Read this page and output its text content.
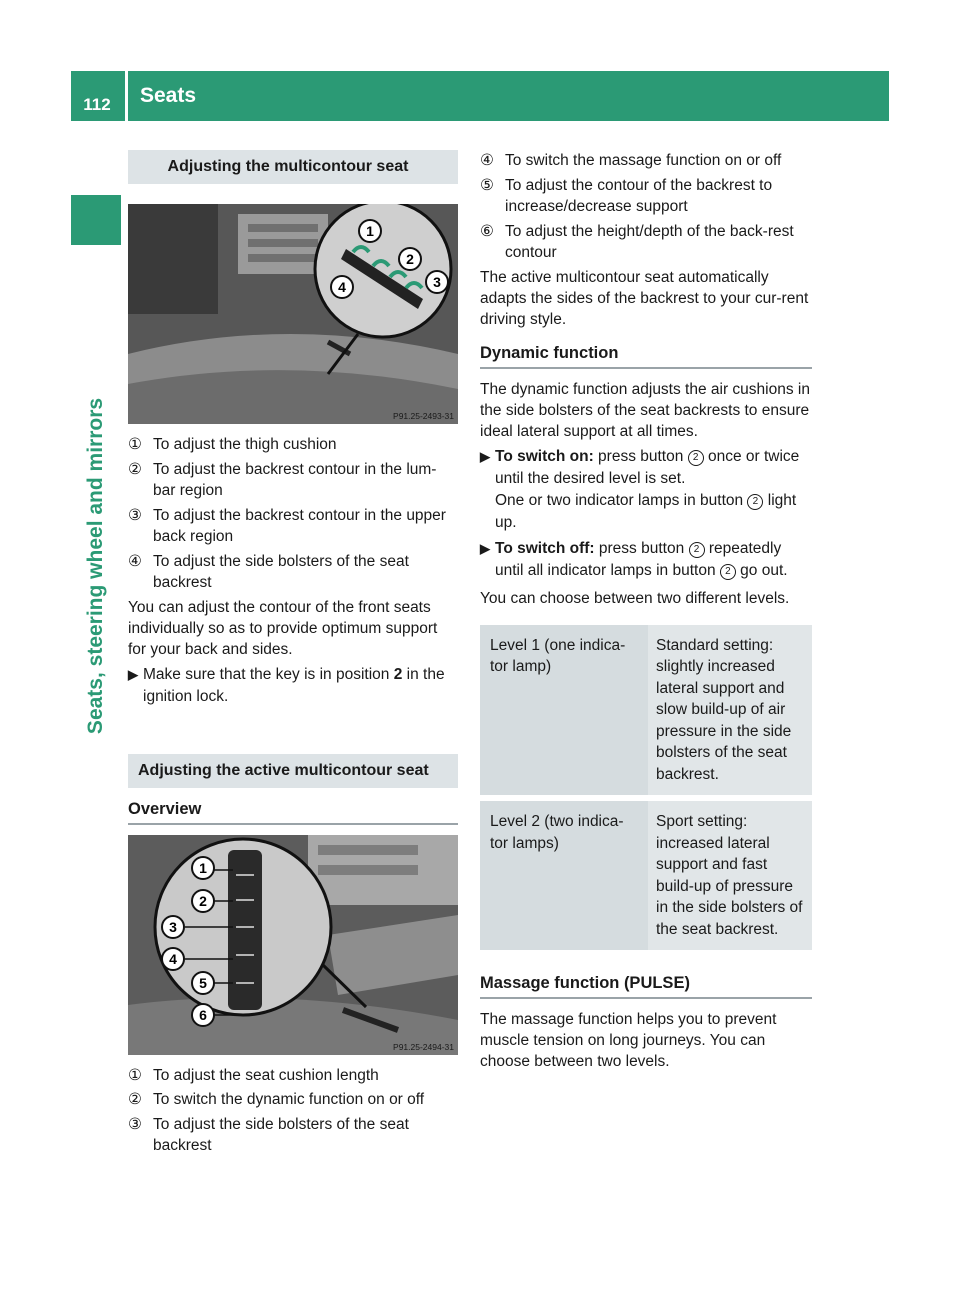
112	Seats
Seats, steering wheel and mirrors
Adjusting the multicontour seat
1
2
3
4
P91.25-2493-31
① To adjust the thigh cushion
② To adjust the backrest contour in the lum-bar region
③ To adjust the backrest contour in the upper back region
④ To adjust the side bolsters of the seat backrest

You can adjust the contour of the front seats individually so as to provide optimum support for your back and sides.

▶ Make sure that the key is in position 2 in the ignition lock.
Adjusting the active multicontour seat
Overview
1
2
3
4
5
6
P91.25-2494-31
① To adjust the seat cushion length
② To switch the dynamic function on or off
③ To adjust the side bolsters of the seat backrest
④ To switch the massage function on or off
⑤ To adjust the contour of the backrest to increase/decrease support
⑥ To adjust the height/depth of the back-rest contour

The active multicontour seat automatically adapts the sides of the backrest to your cur-rent driving style.

Dynamic function

The dynamic function adjusts the air cushions in the side bolsters of the seat backrests to ensure ideal lateral support at all times.

▶ To switch on: press button 2 once or twice until the desired level is set.
One or two indicator lamps in button 2 light up.
▶ To switch off: press button 2 repeatedly until all indicator lamps in button 2 go out.

You can choose between two different levels.

Level 1 (one indica-tor lamp)	Standard setting: slightly increased lateral support and slow build-up of air pressure in the side bolsters of the seat backrest.
Level 2 (two indica-tor lamps)	Sport setting: increased lateral support and fast build-up of pressure in the side bolsters of the seat backrest.
Massage function (PULSE)

The massage function helps you to prevent muscle tension on long journeys. You can choose between two levels.
